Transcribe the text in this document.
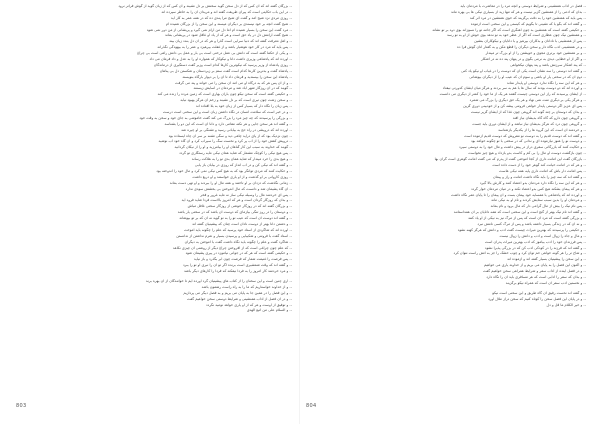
-- بزرگان گفته اند که آن کس که از دل سخن گوید سخنش بر دل نشیند و آن کس که از زبان گوید از گوش فراتر نرود
-- در این باب حکایتی است که پیران طریقت گفته اند و مریدان آن را به خاطر سپرده اند
-- روزی مردی نزد شیخ آمد و گفت ای شیخ مرا پندی ده که در همه عمر به کار آید
-- شیخ گفت آنچه بر خود نپسندی بر دیگران مپسند و این سخن را از بزرگان شنیده ام
-- مرد گفت این سخن را بسیار شنیده ام اما دل من آرام نمی گیرد و پریشانی از من دور نمی شود
-- شیخ گفت آرامش دل در یاد حق است و هر که از یاد او غافل شود در پریشانی بماند
-- و اهل معرفت گفته اند که دنیا سرایی است گذرا و هر که در آن دل بندد زیان بیند
-- پس باید که مرد در کار خود هوشیار باشد و از غفلت بپرهیزد و عمر را به بیهودگی نگذراند
-- و یکی از حکما گفته است که دانش بی عمل درختی است بی بار و عمل بی دانش راهی است بی چراغ
-- آورده اند که پادشاهی وزیری داشت دانا و نیکوکار که همواره او را به عدل و داد فرمان می داد
-- روزی پادشاه از وزیر پرسید که نیکوترین کارها کدام است وزیر گفت دستگیری از درماندگان
-- پادشاه گفت و بدترین کارها کدام است گفت ستم بر زیردستان و شکستن دل بی پناهان
-- پادشاه این سخن را بپسندید و فرمان داد تا آن را بر دیوار بارگاه بنویسند
-- و از آن پس هر که به درگاه او می آمد آن سخن را می خواند و پند می گرفت
-- گویند که در آن روزگار شهر آباد شد و مردمان در آسایش زیستند
-- و حکیمی گفته است که سخن نیکو چون باران بهاری است که زمین مرده را زنده می کند
-- و سخن زشت چون تیری است که بر دل نشیند و زخم آن هرگز بهبود نیابد
-- پس زبان را نگاه دار که بسیار کس از زبان خود به بلا افتاده اند
-- و در خبر است که سلامت انسان در نگاه داشتن زبان است و این سخنی است درست
-- و بزرگی را پرسیدند که چه چیز مرد را بزرگ می کند گفت خاموشی به جای خود و سخن به وقت خود
-- و گفته اند هر سخن جایی و هر نکته مقامی دارد و دانا آن است که این دو را بشناسد
-- آورده اند که درویشی در راه حج به بیابانی رسید و تشنگی بر او چیره شد
-- چون نزدیک بود که از پای درآید چاهی دید و سگی تشنه بر سر آن چاه ایستاده بود
-- درویش کفش خود را از آب پر کرد و نخست سگ را سیراب کرد و آن گاه خود آب نوشید
-- گویند که خداوند به سبب این کار گناهان او را بیامرزید و او را از نیکان گردانید
-- پس هیچ نیکی را کوچک مشمار که شاید همان نیکی مایه رستگاری تو گردد
-- و هیچ بدی را خرد مپندار که شاید همان بدی تو را به هلاکت رساند
-- و گفته اند که نیکی کن و در آب انداز که روزی در بیابان باز یابی
-- و حکایت کنند که مردی توانگر بود که به هیچ کس نیکی نمی کرد و مال خود را اندوخته بود
-- روزی کاروانی بر او گذشت و از او یاری خواستند و او دریغ داشت
-- زمانی نگذشت که دزدان بر او تاختند و همه مال او را ببردند و او تهی دست بماند
-- آن گاه پشیمان شد و دانست که مال اندوختن بی بخشش سودی ندارد
-- پس ای خردمند مال را وسیله نیکی ساز نه مایه غرور و فخر
-- و بدان که روزگار گردان است و هر که امروز بالاست فردا شاید فرود آید
-- و بزرگان گفته اند که در روزگار خوشی از روزگار سختی غافل مباش
-- و دوستان را در روز تنگی بیازمای که دوست آن باشد که در سختی یار باشد
-- و گفته اند دوست آن است که عیب تو را به تو گوید نه آن که بر تو بپوشاند
-- و دشمن دانا بهتر از دوست نادان است چنان که پیشینیان گفته اند
-- آورده اند که شاگردی از استاد خود پرسید که علم را چگونه باید آموخت
-- استاد گفت با فروتنی و شکیبایی و پرسیدن بسیار و شرم نداشتن از ندانستن
-- شاگرد گفت و علم را چگونه باید نگاه داشت گفت با آموختن به دیگران
-- که علم چون چراغی است که از افروختن چراغ دیگر از روشنی آن چیزی نکاهد
-- و حکیمی گفته است که هر که در جوانی نیاموزد در پیری پشیمان شود
-- پس فرصت را غنیمت شمار که فرصت چون ابر بگذرد و باز نیاید
-- و گفته اند که وقت شمشیری است برنده اگر تو آن را نبری او تو را ببرد
-- و مرد خردمند کار امروز را به فردا نیفکند که فردا را کارهای دیگر باشد
-- آری چنین است و این سخنان را از کتاب های پیشینیان گرد آورده ایم تا خوانندگان از آن بهره برند
-- و از خداوند خواستاریم که ما را به راه راست رهنمون باشد
-- و این فصل را در همین جا به پایان می بریم و به فصل دیگر می پردازیم
-- و در آن فصل از آداب همنشینی و شرایط دوستی سخن خواهیم گفت
-- و توفیق از اوست و هر که از او یاری خواهد نومید نگردد
-- و السلام علی من اتبع الهدی
803
-- فصل در آداب همنشینی و شرایط دوستی و آنچه مرد را در معاشرت با مردمان باید
-- بدان که آدمی را از همنشین گزیر نیست و هر که تنها زید از بسیاری نیکی ها بی بهره ماند
-- پس باید که همنشین خود را به دقت برگزیند که خوی همنشین در مرد اثر کند
-- و گفته اند که بگو با که نشینی تا بگویم که کیستی و این سخنی است آزموده
-- و حکیمی گفته است که همنشین بد چون آهنگری است که اگر جامه تو را نسوزاند بوی دود بر تو نشاند
-- و همنشین نیک چون عطاری است که اگر از عطر خود به تو ندهد بوی خوش از او به تو رسد
-- پس از همنشینی با نادانان و بدکاران بپرهیز و با دانایان و نیکوکاران بنشین
-- و در همنشینی ادب نگاه دار و سخن دیگران را قطع مکن و به گفتار آنان گوش فرا ده
-- و بر همنشین خود برتری مجوی و خویشتن را از او بزرگ تر مپندار
-- و اگر از او خطایی دیدی به نرمی بگوی و در پنهان پند ده نه در آشکار
-- که پند آشکار سرزنش باشد و پند پنهان نیکخواهی
-- و گفته اند دوستی را سه نشان است یکی آن که دوست را در غیاب او نیکو یاد کنی
-- دوم آن که در سختی یار او باشی و سوم آن که عیب او را از دیگران بپوشانی
-- و هر که این سه را نگاه ندارد دوستی او پایدار نماند
-- و آورده اند که دو دوست بودند که سال ها با هم به سر بردند و هرگز میان ایشان کدورتی نیفتاد
-- از ایشان پرسیدند که راز این دوستی چیست گفتند هر یک از ما خود را کمتر از دیگری می دانست
-- و هرگز یکی بر دیگری منت نمی نهاد و هر یک حق دیگری را بزرگ می شمرد
-- پس ای عزیز اگر دوستی پایدار خواهی فروتنی پیشه کن و از خودبینی دوری گزین
-- و بدان که دوستان بر چند گونه اند گروهی چون غذا که از ایشان گزیر نیست
-- و گروهی چون دارو که گاه گاه بدیشان نیاز افتد
-- و گروهی چون درد که هرگز بدیشان نیاز نباشد و از ایشان دوری باید جست
-- و خردمند آن است که این گروه ها را از یکدیگر بازشناسد
-- و گفته اند که دوست قدیم را به دوست نو مفروش که دوست قدیم آزموده است
-- و دوست نو را هنوز نیازموده ای و ندانی که در سختی با تو چگونه خواهد بود
-- و حکایت کنند که بازرگانی سفری دراز در پیش داشت و مال خود را به دوستی سپرد
-- چون بازگشت دوست او مال را بی کم و کاست بدو بازداد و هیچ چیز نخواست
-- بازرگان گفت این امانت داری از کجا آموختی گفت از پدرم که می گفت امانت گوهری است گران بها
-- و هر که در امانت خیانت کند گوهر خود را از دست داده است
-- پس امانت دار باش که امانت داری پایه همه نیکی هاست
-- و گفته اند که سه چیز را باید نگاه داشت امانت و راز و پیمان
-- و هر که این سه را نگاه دارد مردمان بدو اعتماد کنند و کارش بالا گیرد
-- و هر که پیمان بشکند هیچ کس بدو اعتماد نکند و در میان مردمان خوار گردد
-- و آورده اند که پادشاهی با همسایه خود پیمان بست و آن پیمان را تا پایان عمر نگاه داشت
-- و مردمان او را بدین سبب ستایش کردند و نام او به نیکی ماند
-- پس نام نیک را بیش از مال گرامی دار که مال برود و نام بماند
-- و گفته اند نام نیک بهتر از گنج است و این سخنی است که همه دانایان بر آن همداستانند
-- و بزرگی گفته است که مرد آن است که پس از مرگ نیز به نیکی از او یاد کنند
-- و نه آن که در زندگی بسیار داشته باشد و پس از مرگ کسی نامش نبرد
-- و حکیمی را پرسیدند که بهترین میراث چیست گفت ادب و دانش که هرگز کهنه نشود
-- و مال و جاه را زوال است و ادب و دانش را زوال نیست
-- پس فرزندان خود را ادب بیاموز که ادب بهترین میراث پدران است
-- و گفته اند که فرزند را در کودکی ادب کن که در بزرگی پذیرا نشود
-- و شاخ تر را هر گونه خواهی خم توان کرد و چوب خشک را جز به آتش راست نتوان کرد
-- و این سخن را پیشینیان بسیار گفته اند و آزموده اند
-- و اکنون این فصل را به پایان می بریم و از خداوند یاری می خواهیم
-- و در فصل آینده از آداب سفر و شرایط همراهی سخن خواهیم گفت
-- و بدان که سفر را آدابی است که هر مسافری باید آن را نگاه دارد
-- و نخستین ادب سفر آن است که همراه نیکو برگزیند
-- و گفته اند نخست رفیق آن گاه طریق و این سخنی است نیکو
-- و در پایان این فصل سخن را کوتاه کنیم که سخن دراز ملال آورد
-- و خیر الکلام ما قل و دل
804
